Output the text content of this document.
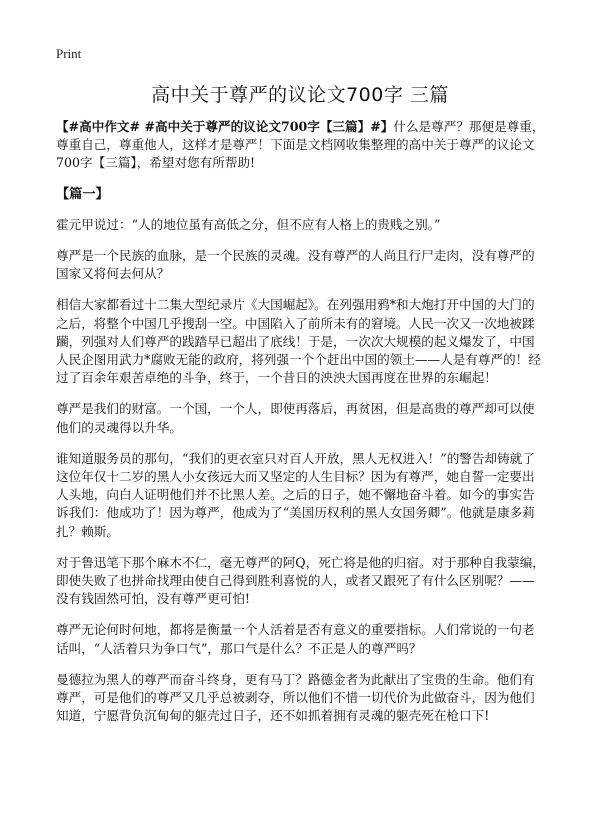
Print
高中关于尊严的议论文700字 三篇

【#高中作文# #高中关于尊严的议论文700字【三篇】#】什么是尊严？那便是尊重，尊重自己，尊重他人，这样才是尊严！下面是文档网收集整理的高中关于尊严的议论文700字【三篇】，希望对您有所帮助!

【篇一】

霍元甲说过：“人的地位虽有高低之分，但不应有人格上的贵贱之别。”

尊严是一个民族的血脉，是一个民族的灵魂。没有尊严的人尚且行尸走肉，没有尊严的国家又将何去何从？

相信大家都看过十二集大型纪录片《大国崛起》。在列强用鸦*和大炮打开中国的大门的之后，将整个中国几乎搜刮一空。中国陷入了前所未有的窘境。人民一次又一次地被蹂躏，列强对人们尊严的践踏早已超出了底线！于是，一次次大规模的起义爆发了，中国人民企图用武力*腐败无能的政府，将列强一个个赶出中国的领土——人是有尊严的！经过了百余年艰苦卓绝的斗争，终于，一个昔日的泱泱大国再度在世界的东崛起！

尊严是我们的财富。一个国，一个人，即使再落后，再贫困，但是高贵的尊严却可以使他们的灵魂得以升华。

谁知道服务员的那句，“我们的更衣室只对百人开放，黑人无权进入！”的警告却铸就了这位年仅十二岁的黑人小女孩远大而又坚定的人生目标？因为有尊严，她自誓一定要出人头地，向白人证明他们并不比黑人差。之后的日子，她不懈地奋斗着。如今的事实告诉我们：他成功了！因为尊严，他成为了“美国历权利的黑人女国务卿”。他就是康多莉扎？赖斯。

对于鲁迅笔下那个麻木不仁，毫无尊严的阿Q，死亡将是他的归宿。对于那种自我蒙编，即使失败了也拼命找理由使自己得到胜利喜悦的人，或者又跟死了有什么区别呢？——没有钱固然可怕，没有尊严更可怕!

尊严无论何时何地，都将是衡量一个人活着是否有意义的重要指标。人们常说的一句老话叫，“人活着只为争口气”，那口气是什么？不正是人的尊严吗？

曼德拉为黑人的尊严而奋斗终身，更有马丁？路德金者为此献出了宝贵的生命。他们有尊严，可是他们的尊严又几乎总被剥夺，所以他们不惜一切代价为此做奋斗，因为他们知道，宁愿背负沉甸甸的躯壳过日子，还不如抓着拥有灵魂的躯壳死在枪口下!
